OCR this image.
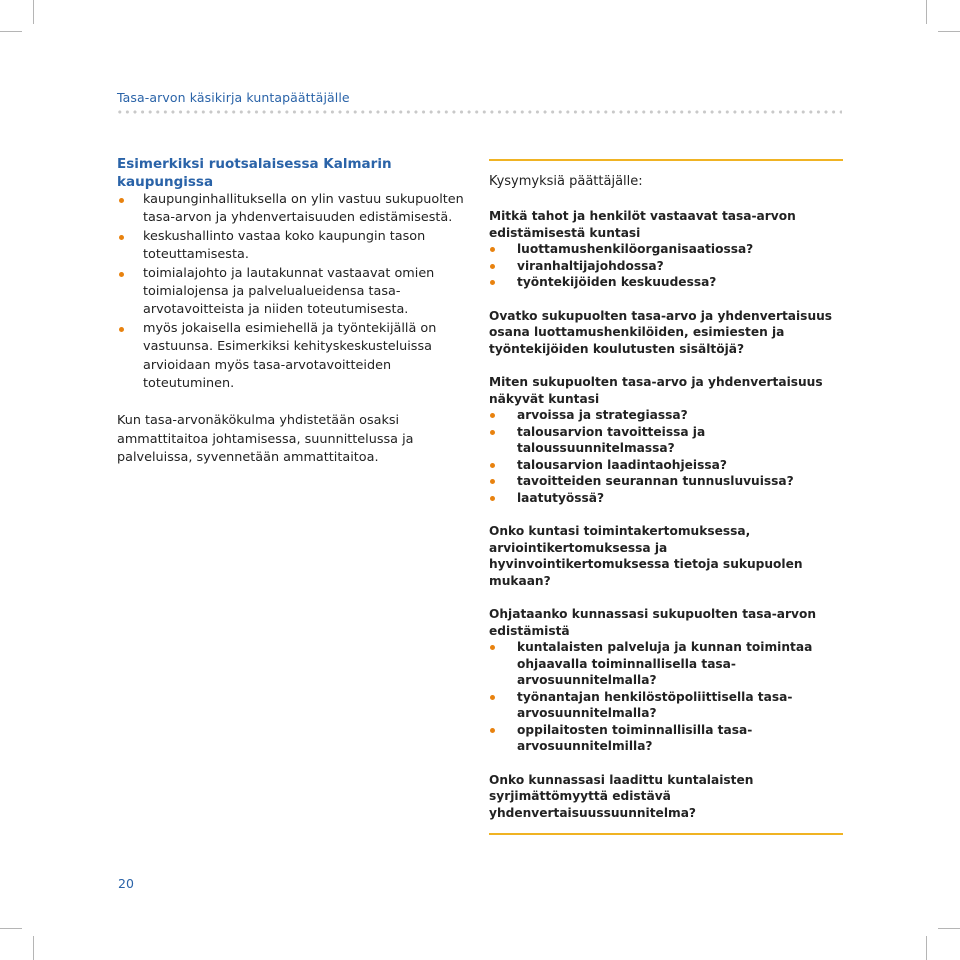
Tasa-arvon käsikirja kuntapäättäjälle
Esimerkiksi ruotsalaisessa Kalmarin kaupungissa
kaupunginhallituksella on ylin vastuu sukupuolten tasa-arvon ja yhdenvertaisuuden edistämisestä.
keskushallinto vastaa koko kaupungin tason toteuttamisesta.
toimialajohto ja lautakunnat vastaavat omien toimialojensa ja palvelualueidensa tasa-arvotavoitteista ja niiden toteutumisesta.
myös jokaisella esimiehellä ja työntekijällä on vastuunsa. Esimerkiksi kehityskeskusteluissa arvioidaan myös tasa-arvotavoitteiden toteutuminen.
Kun tasa-arvonäkökulma yhdistetään osaksi ammattitaitoa johtamisessa, suunnittelussa ja palveluissa, syvennetään ammattitaitoa.
Kysymyksiä päättäjälle:
Mitkä tahot ja henkilöt vastaavat tasa-arvon edistämisestä kuntasi
luottamushenkilöorganisaatiossa?
viranhaltijajohdossa?
työntekijöiden keskuudessa?
Ovatko sukupuolten tasa-arvo ja yhdenvertaisuus osana luottamushenkilöiden, esimiesten ja työntekijöiden koulutusten sisältöjä?
Miten sukupuolten tasa-arvo ja yhdenvertaisuus näkyvät kuntasi
arvoissa ja strategiassa?
talousarvion tavoitteissa ja taloussuunnitelmassa?
talousarvion laadintaohjeissa?
tavoitteiden seurannan tunnusluvuissa?
laatutyössä?
Onko kuntasi toimintakertomuksessa, arviointikertomuksessa ja hyvinvointikertomuksessa tietoja sukupuolen mukaan?
Ohjataanko kunnassasi sukupuolten tasa-arvon edistämistä
kuntalaisten palveluja ja kunnan toimintaa ohjaavalla toiminnallisella tasa-arvosuunnitelmalla?
työnantajan henkilöstöpoliittisella tasa-arvosuunnitelmalla?
oppilaitosten toiminnallisilla tasa-arvosuunnitelmilla?
Onko kunnassasi laadittu kuntalaisten syrjimättömyyttä edistävä yhdenvertaisuussuunnitelma?
20
